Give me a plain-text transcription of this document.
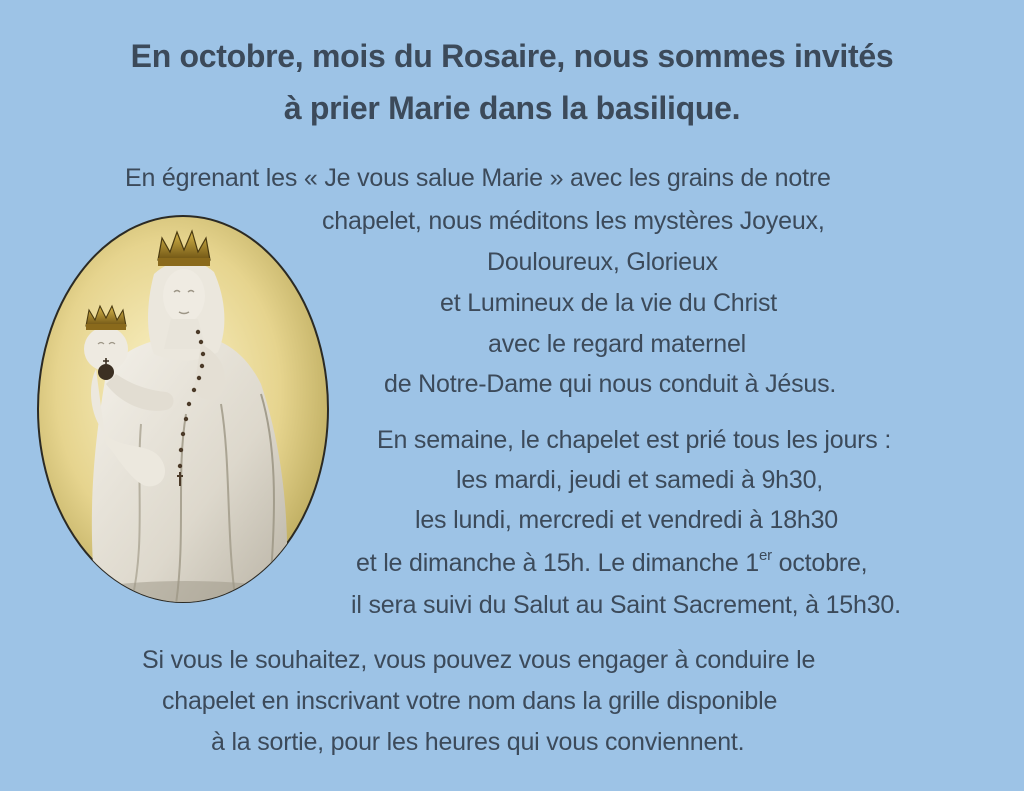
En octobre, mois du Rosaire, nous sommes invités
à prier Marie dans la basilique.
En égrenant les « Je vous salue Marie » avec les grains de notre
chapelet, nous méditons les mystères Joyeux,
Douloureux, Glorieux
et Lumineux de la vie du Christ
avec le regard maternel
de Notre-Dame qui nous conduit à Jésus.
En semaine, le chapelet est prié tous les jours :
les mardi, jeudi et samedi à 9h30,
les lundi, mercredi et vendredi à 18h30
et le dimanche à 15h. Le dimanche 1er octobre,
il sera suivi du Salut au Saint Sacrement, à 15h30.
Si vous le souhaitez, vous pouvez vous engager à conduire le
chapelet en inscrivant votre nom dans la grille disponible
à la sortie, pour les heures qui vous conviennent.
